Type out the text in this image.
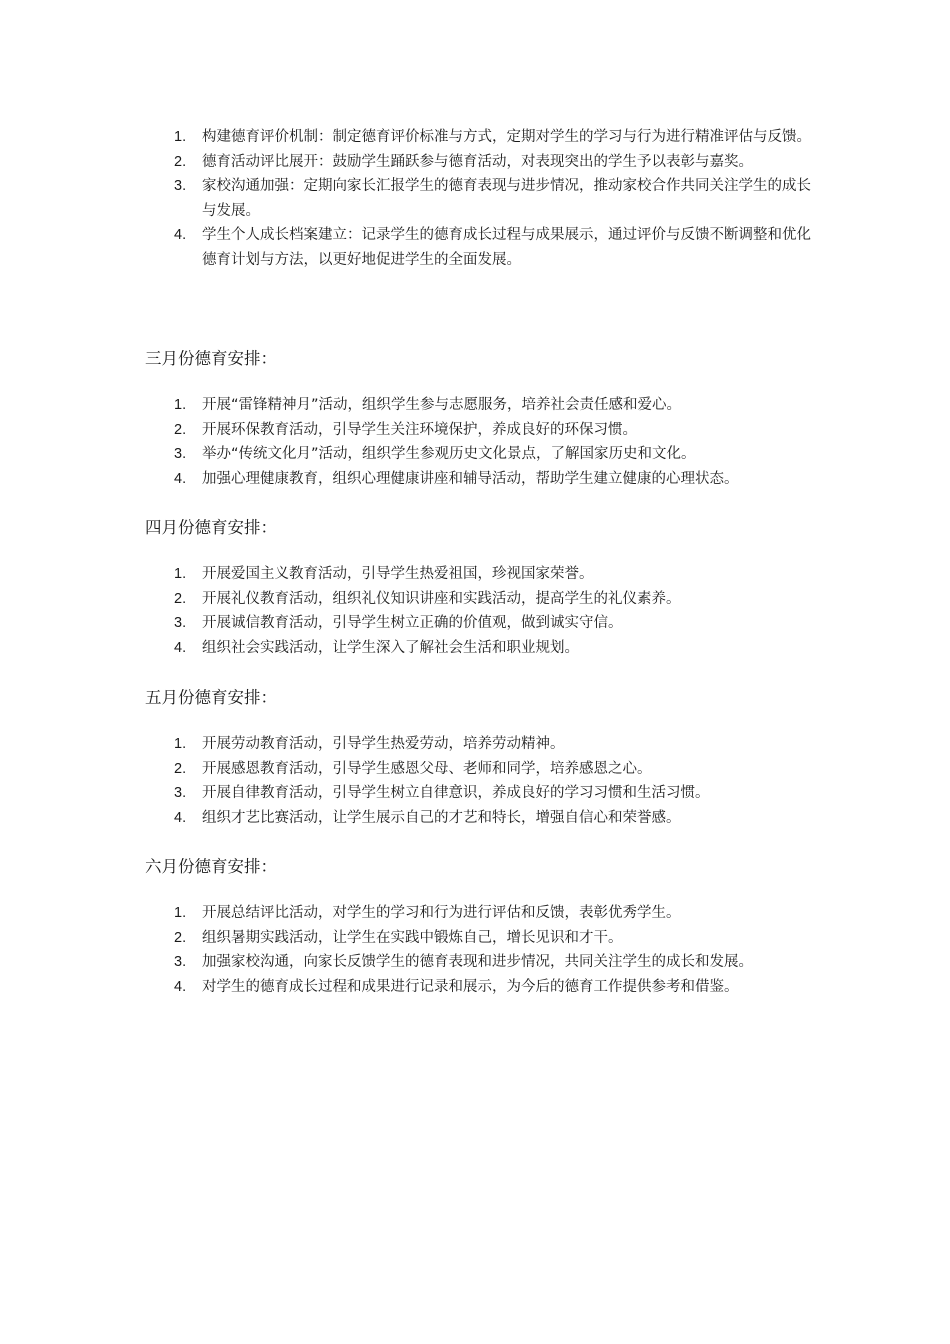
1.	构建德育评价机制：制定德育评价标准与方式，定期对学生的学习与行为进行精准评估与反馈。
2.	德育活动评比展开：鼓励学生踊跃参与德育活动，对表现突出的学生予以表彰与嘉奖。
3.	家校沟通加强：定期向家长汇报学生的德育表现与进步情况，推动家校合作共同关注学生的成长与发展。
4.	学生个人成长档案建立：记录学生的德育成长过程与成果展示，通过评价与反馈不断调整和优化德育计划与方法，以更好地促进学生的全面发展。
三月份德育安排：
1.	开展“雷锋精神月”活动，组织学生参与志愿服务，培养社会责任感和爱心。
2.	开展环保教育活动，引导学生关注环境保护，养成良好的环保习惯。
3.	举办“传统文化月”活动，组织学生参观历史文化景点，了解国家历史和文化。
4.	加强心理健康教育，组织心理健康讲座和辅导活动，帮助学生建立健康的心理状态。
四月份德育安排：
1.	开展爱国主义教育活动，引导学生热爱祖国，珍视国家荣誉。
2.	开展礼仪教育活动，组织礼仪知识讲座和实践活动，提高学生的礼仪素养。
3.	开展诚信教育活动，引导学生树立正确的价值观，做到诚实守信。
4.	组织社会实践活动，让学生深入了解社会生活和职业规划。
五月份德育安排：
1.	开展劳动教育活动，引导学生热爱劳动，培养劳动精神。
2.	开展感恩教育活动，引导学生感恩父母、老师和同学，培养感恩之心。
3.	开展自律教育活动，引导学生树立自律意识，养成良好的学习习惯和生活习惯。
4.	组织才艺比赛活动，让学生展示自己的才艺和特长，增强自信心和荣誉感。
六月份德育安排：
1.	开展总结评比活动，对学生的学习和行为进行评估和反馈，表彰优秀学生。
2.	组织暑期实践活动，让学生在实践中锻炼自己，增长见识和才干。
3.	加强家校沟通，向家长反馈学生的德育表现和进步情况，共同关注学生的成长和发展。
4.	对学生的德育成长过程和成果进行记录和展示，为今后的德育工作提供参考和借鉴。
